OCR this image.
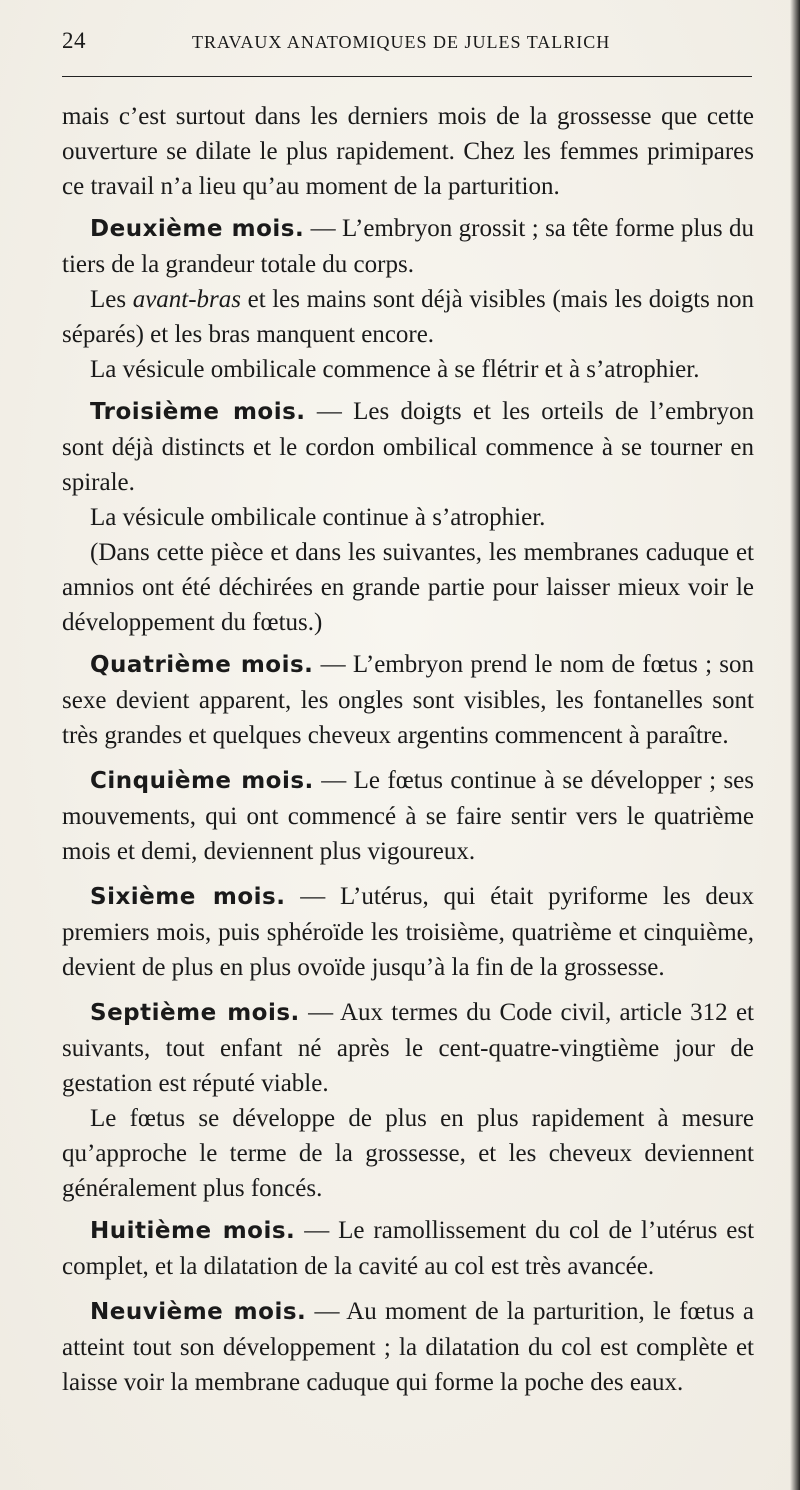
24	TRAVAUX ANATOMIQUES DE JULES TALRICH

mais c’est surtout dans les derniers mois de la grossesse que cette ouverture se dilate le plus rapidement. Chez les femmes primipares ce travail n’a lieu qu’au moment de la parturition.

Deuxième mois. — L’embryon grossit ; sa tête forme plus du tiers de la grandeur totale du corps.

Les avant-bras et les mains sont déjà visibles (mais les doigts non séparés) et les bras manquent encore.

La vésicule ombilicale commence à se flétrir et à s’atrophier.

Troisième mois. — Les doigts et les orteils de l’embryon sont déjà distincts et le cordon ombilical commence à se tourner en spirale.

La vésicule ombilicale continue à s’atrophier.

(Dans cette pièce et dans les suivantes, les membranes caduque et amnios ont été déchirées en grande partie pour laisser mieux voir le développement du fœtus.)

Quatrième mois. — L’embryon prend le nom de fœtus ; son sexe devient apparent, les ongles sont visibles, les fontanelles sont très grandes et quelques cheveux argentins commencent à paraître.

Cinquième mois. — Le fœtus continue à se développer ; ses mouvements, qui ont commencé à se faire sentir vers le quatrième mois et demi, deviennent plus vigoureux.

Sixième mois. — L’utérus, qui était pyriforme les deux premiers mois, puis sphéroïde les troisième, quatrième et cinquième, devient de plus en plus ovoïde jusqu’à la fin de la grossesse.

Septième mois. — Aux termes du Code civil, article 312 et suivants, tout enfant né après le cent-quatre-vingtième jour de gestation est réputé viable.

Le fœtus se développe de plus en plus rapidement à mesure qu’approche le terme de la grossesse, et les cheveux deviennent généralement plus foncés.

Huitième mois. — Le ramollissement du col de l’utérus est complet, et la dilatation de la cavité au col est très avancée.

Neuvième mois. — Au moment de la parturition, le fœtus a atteint tout son développement ; la dilatation du col est complète et laisse voir la membrane caduque qui forme la poche des eaux.
